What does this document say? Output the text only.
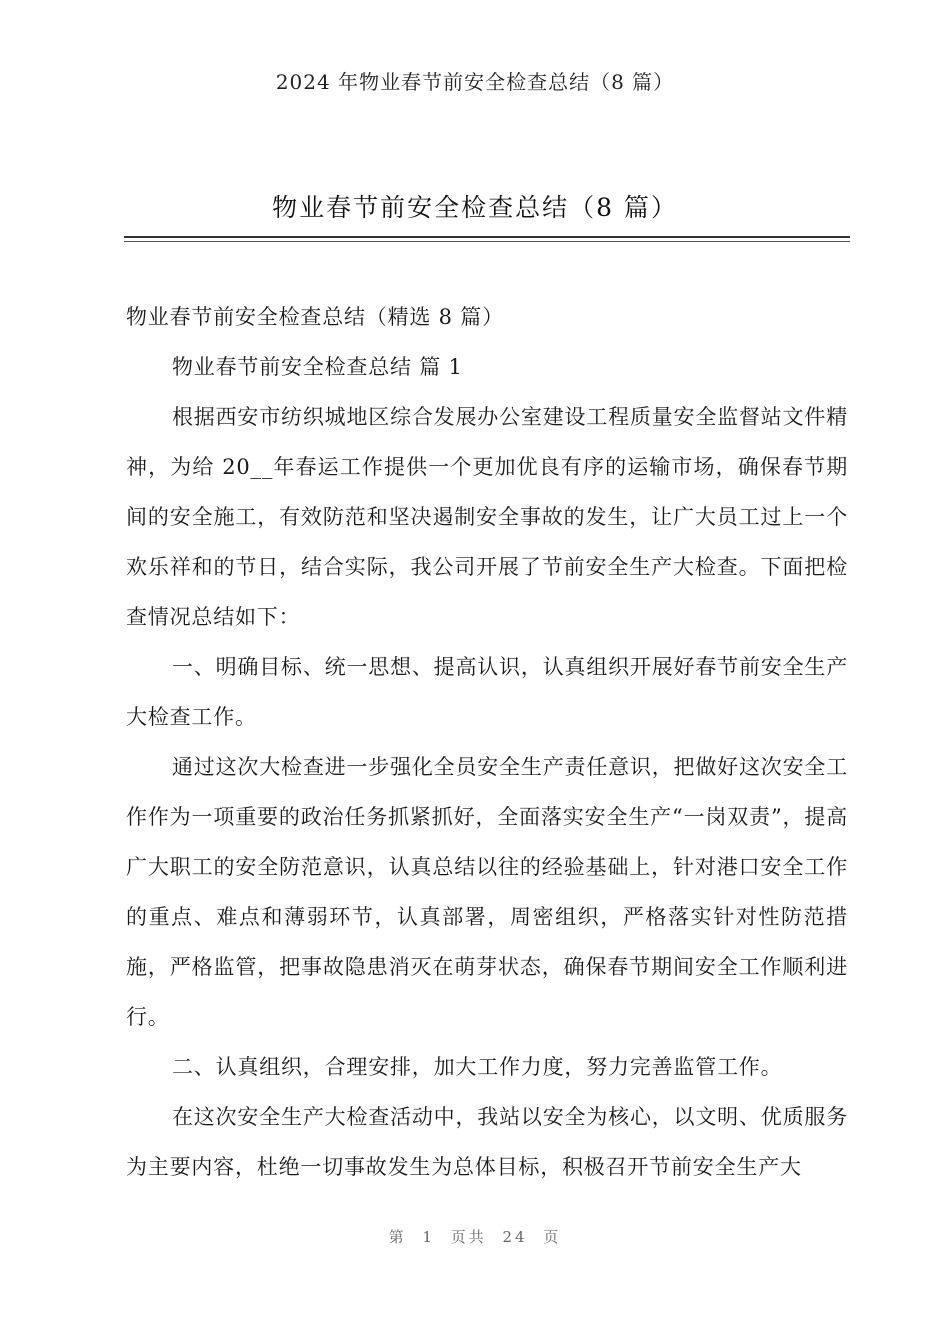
2024 年物业春节前安全检查总结（8 篇）
物业春节前安全检查总结（8 篇）

物业春节前安全检查总结（精选 8 篇）

物业春节前安全检查总结 篇 1

根据西安市纺织城地区综合发展办公室建设工程质量安全监督站文件精神，为给 20__年春运工作提供一个更加优良有序的运输市场，确保春节期间的安全施工，有效防范和坚决遏制安全事故的发生，让广大员工过上一个欢乐祥和的节日，结合实际，我公司开展了节前安全生产大检查。下面把检查情况总结如下：

一、明确目标、统一思想、提高认识，认真组织开展好春节前安全生产大检查工作。

通过这次大检查进一步强化全员安全生产责任意识，把做好这次安全工作作为一项重要的政治任务抓紧抓好，全面落实安全生产“一岗双责”，提高广大职工的安全防范意识，认真总结以往的经验基础上，针对港口安全工作的重点、难点和薄弱环节，认真部署，周密组织，严格落实针对性防范措施，严格监管，把事故隐患消灭在萌芽状态，确保春节期间安全工作顺利进行。

二、认真组织，合理安排，加大工作力度，努力完善监管工作。

在这次安全生产大检查活动中，我站以安全为核心，以文明、优质服务为主要内容，杜绝一切事故发生为总体目标，积极召开节前安全生产大

第 1 页共 24 页
